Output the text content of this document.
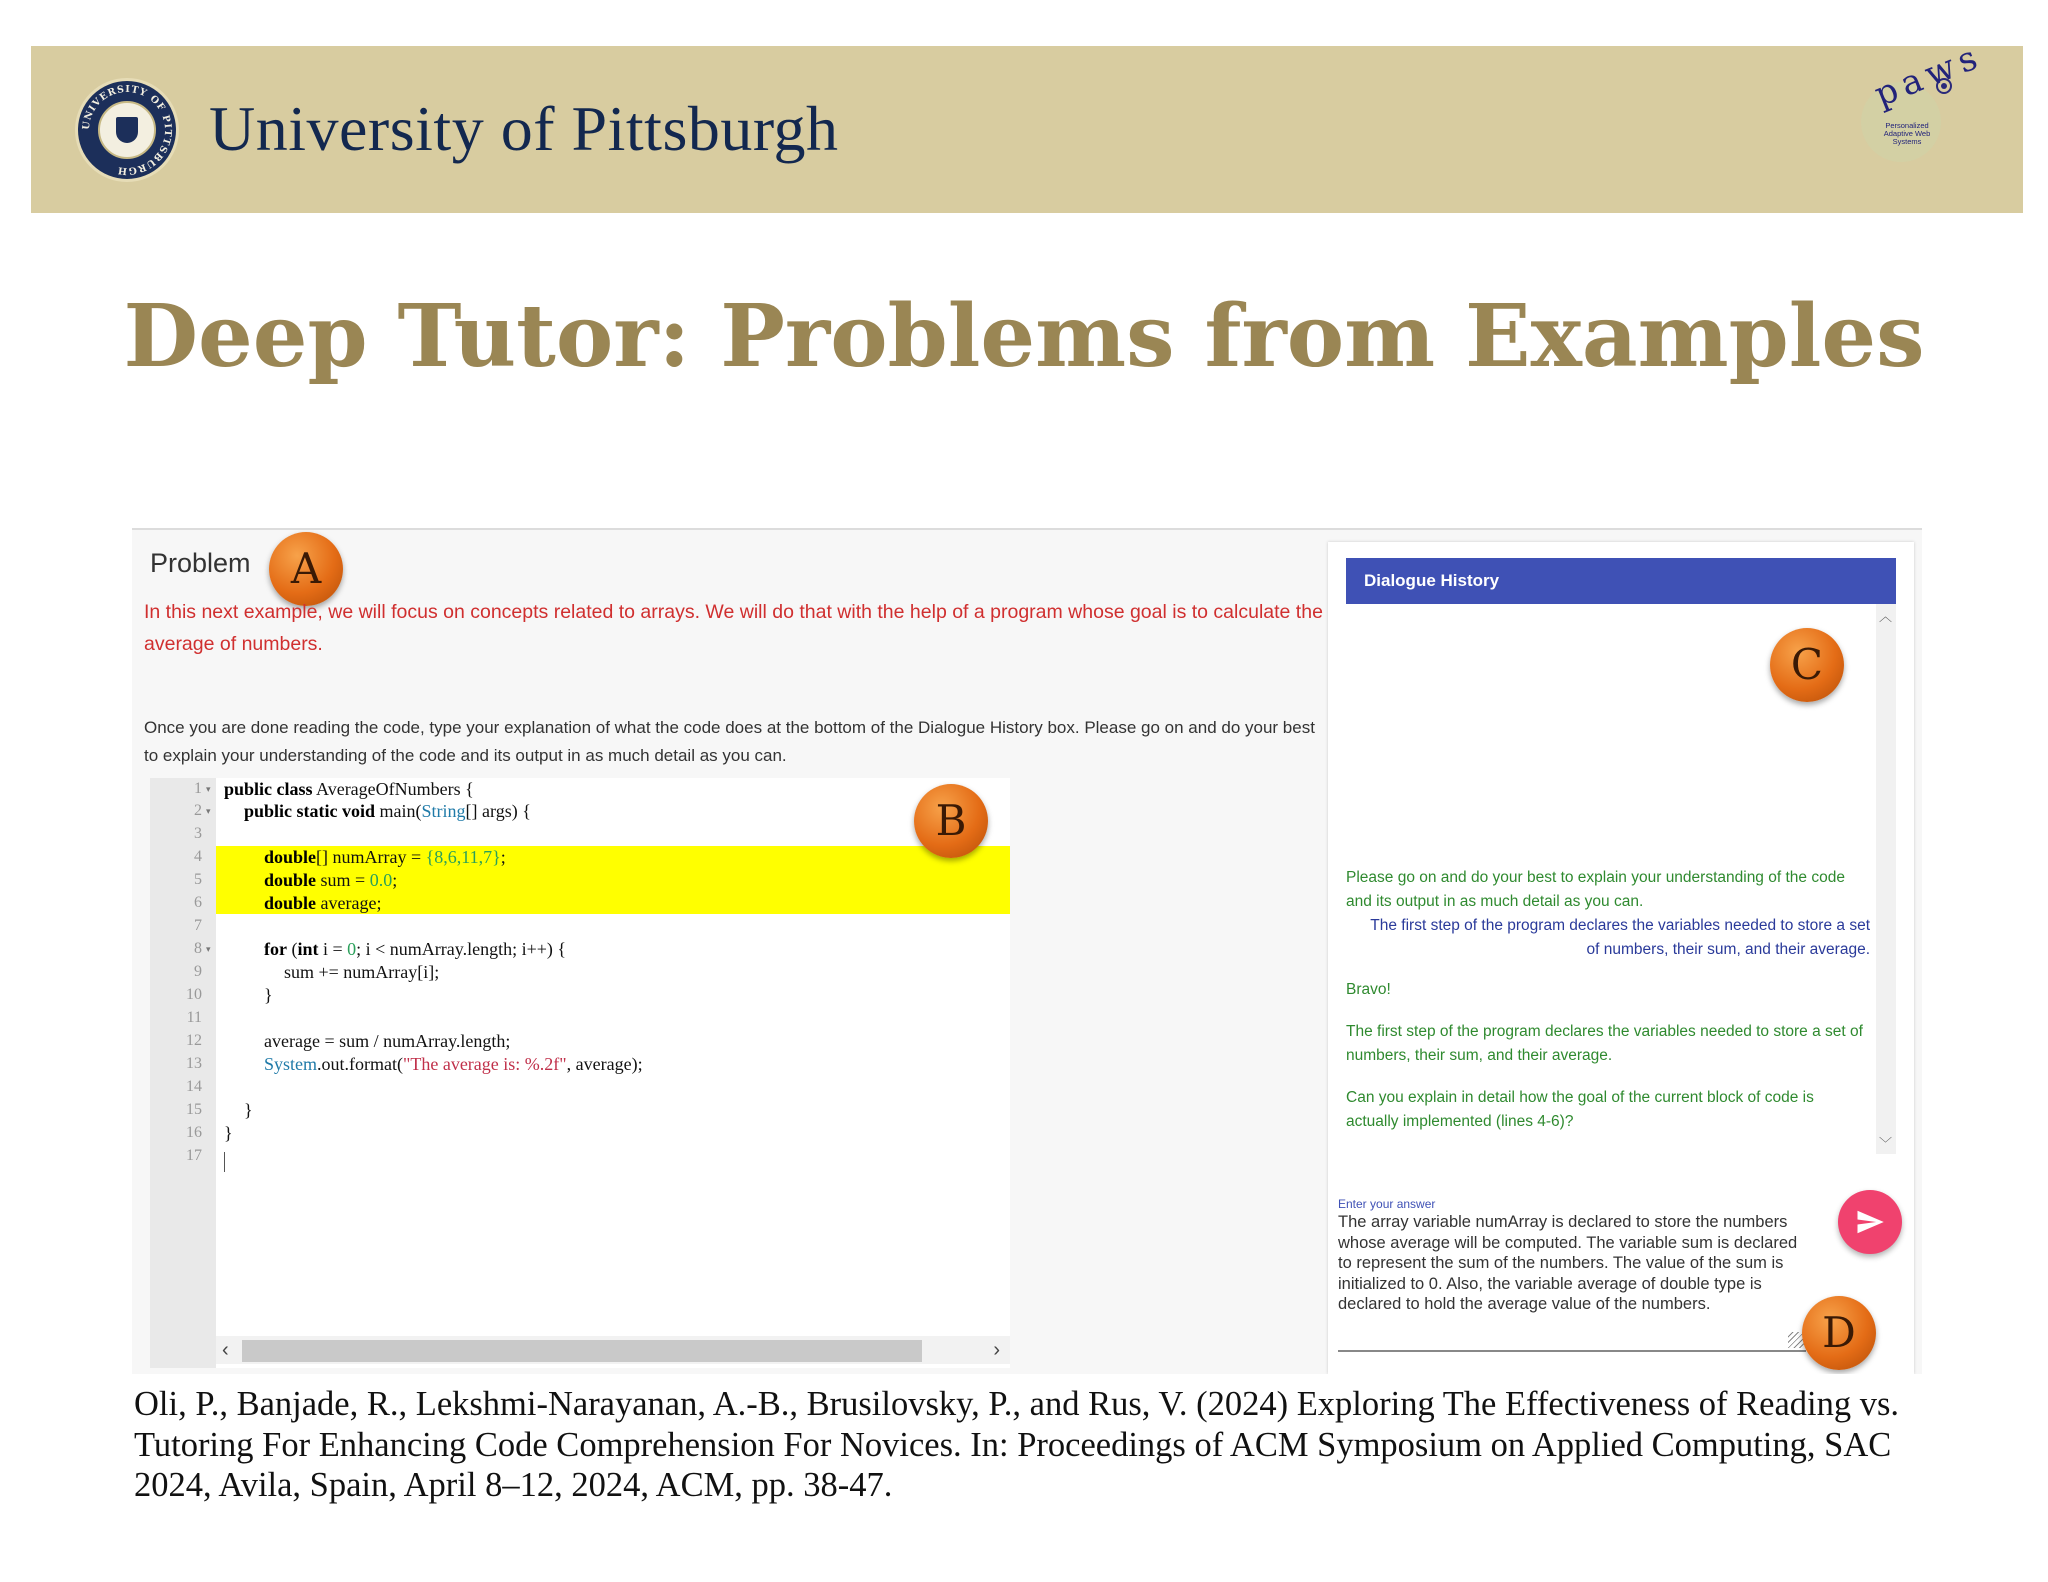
UNIVERSITY OF PITTSBURGH
University of Pittsburgh
paws
Personalized Adaptive Web Systems
Deep Tutor: Problems from Examples
Problem A
In this next example, we will focus on concepts related to arrays. We will do that with the help of a program whose goal is to calculate the average of numbers.
Once you are done reading the code, type your explanation of what the code does at the bottom of the Dialogue History box. Please go on and do your best to explain your understanding of the code and its output in as much detail as you can.
1
2
3
4
5
6
7
8
9
10
11
12
13
14
15
16
17
▾
▾
▾
public class AverageOfNumbers {
public static void main(String[] args) {
double[] numArray = {8,6,11,7};
double sum = 0.0;
double average;
for (int i = 0; i < numArray.length; i++) {
sum += numArray[i];
}
average = sum / numArray.length;
System.out.format("The average is: %.2f", average);
}
}
B
‹	›
Dialogue History
︿
﹀
C
Please go on and do your best to explain your understanding of the code and its output in as much detail as you can.
The first step of the program declares the variables needed to store a set of numbers, their sum, and their average.
Bravo!
The first step of the program declares the variables needed to store a set of numbers, their sum, and their average.
Can you explain in detail how the goal of the current block of code is actually implemented (lines 4-6)?
Enter your answer
The array variable numArray is declared to store the numbers whose average will be computed. The variable sum is declared to represent the sum of the numbers. The value of the sum is initialized to 0. Also, the variable average of double type is declared to hold the average value of the numbers.
D
Oli, P., Banjade, R., Lekshmi-Narayanan, A.-B., Brusilovsky, P., and Rus, V. (2024) Exploring The Effectiveness of Reading vs. Tutoring For Enhancing Code Comprehension For Novices. In: Proceedings of ACM Symposium on Applied Computing, SAC 2024, Avila, Spain, April 8–12, 2024, ACM, pp. 38-47.
